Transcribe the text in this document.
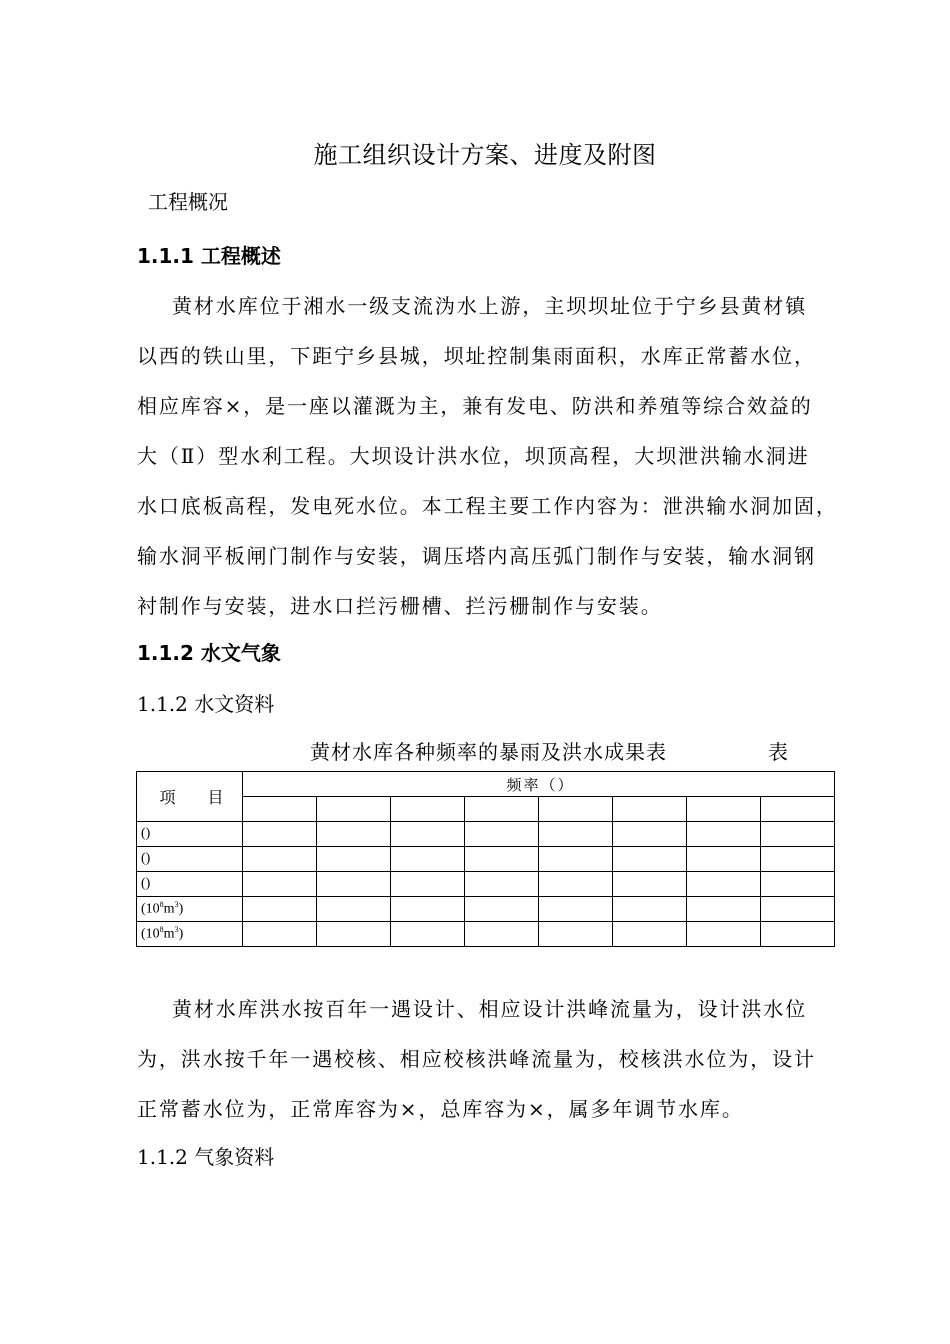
施工组织设计方案、进度及附图
工程概况
1.1.1 工程概述
黄材水库位于湘水一级支流沩水上游，主坝坝址位于宁乡县黄材镇
以西的铁山里，下距宁乡县城，坝址控制集雨面积，水库正常蓄水位，
相应库容×，是一座以灌溉为主，兼有发电、防洪和养殖等综合效益的
大（Ⅱ）型水利工程。大坝设计洪水位，坝顶高程，大坝泄洪输水洞进
水口底板高程，发电死水位。本工程主要工作内容为：泄洪输水洞加固，
输水洞平板闸门制作与安装，调压塔内高压弧门制作与安装，输水洞钢
衬制作与安装，进水口拦污栅槽、拦污栅制作与安装。
1.1.2 水文气象
1.1.2 水文资料
黄材水库各种频率的暴雨及洪水成果表	表
项 目	频率（）							

()								
()								
()								
$(10^8m^3)$								
$(10^8m^3)$								
黄材水库洪水按百年一遇设计、相应设计洪峰流量为，设计洪水位
为，洪水按千年一遇校核、相应校核洪峰流量为，校核洪水位为，设计
正常蓄水位为，正常库容为×，总库容为×，属多年调节水库。
1.1.2 气象资料
